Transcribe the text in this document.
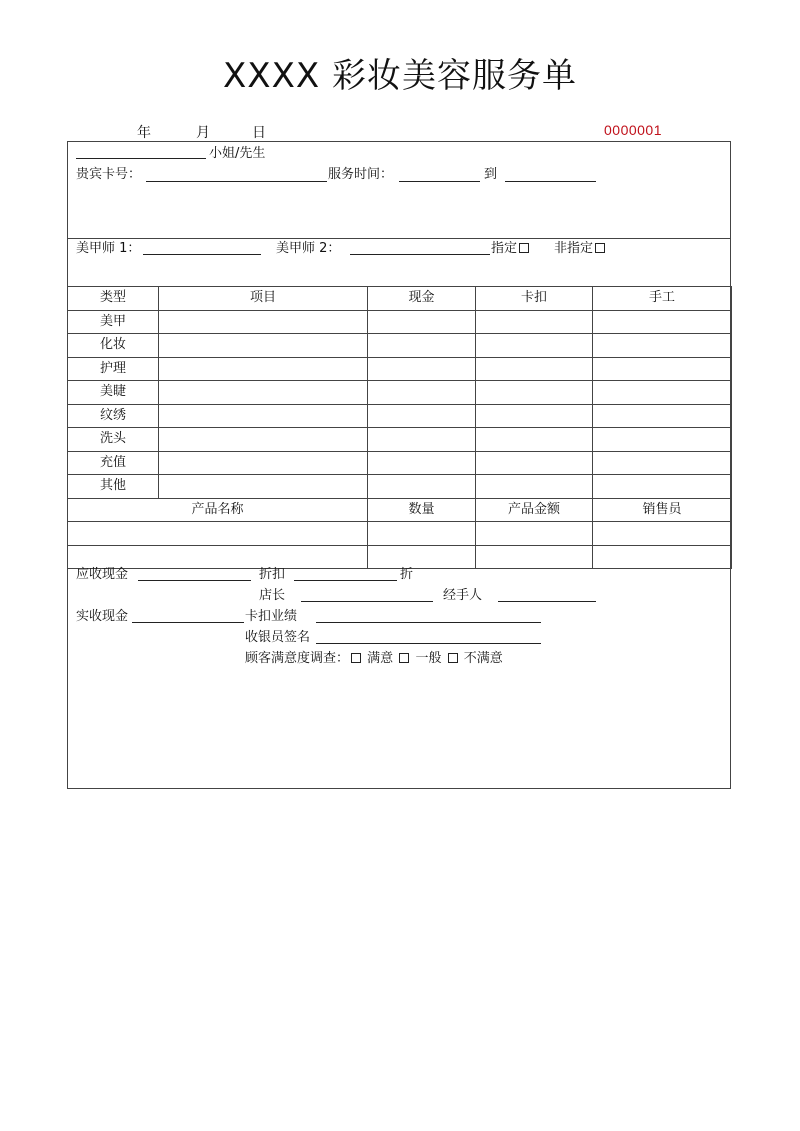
XXXX 彩妆美容服务单
年	月	日	0000001
小姐/先生
贵宾卡号：	服务时间：	到
美甲师 1：	美甲师 2：	指定	非指定
类型	项目	现金	卡扣	手工
美甲				
化妆				
护理				
美睫				
纹绣				
洗头				
充值				
其他				
产品名称		数量	产品金额	销售员

应收现金	折扣	折
店长	经手人
实收现金	卡扣业绩
收银员签名
顾客满意度调查： 满意 一般 不满意
